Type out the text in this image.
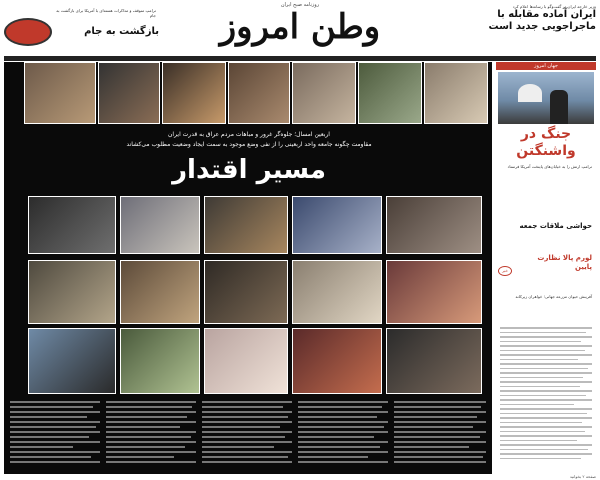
ترامپ متوقف و مذاکرات هسته‌ای با آمریکا برای بازگشت به جام
بازگشت به جام
روزنامه صبح ایران
وطن امروز
وزیر خارجه ایران در گفت‌وگو با رسانه‌ها اعلام کرد
ایران آماده مقابله با ماجراجویی جدید است
اربعین امسال؛ جلوه‌گر غرور و مباهات مردم عراق به قدرت ایران
مقاومت چگونه جامعه واحد اربعینی را از نفی وضع موجود به سمت ایجاد وضعیت مطلوب می‌کشاند
مسیر اقتدار
جهان امروز
جنگ در واشنگتن
ترامپ ارتش را به خیابان‌های پایتخت آمریکا فرستاد
حواشی ملاقات جمعه
لورم پالا نظارت پایین
خبر
آفرینش حیوان مزرعه جهانی؛ خواهران زیرکانه
صفحه ۲ بخوانید
